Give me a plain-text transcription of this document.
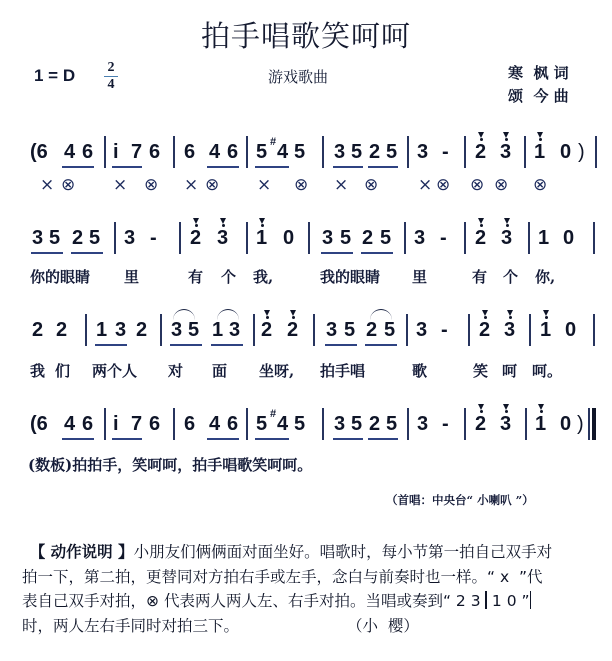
拍手唱歌笑呵呵
1 = D 2
4	游戏歌曲	寒  枫 词
颂  今 曲
(6 4 6 i 7 6 6 4 6 5 # 4 5 3 5 2 5 3 - 2 3 1 0 )
× ⊗ × ⊗ × ⊗ × ⊗ × ⊗ × ⊗ ⊗ ⊗ ⊗
3 5 2 5 3 - 2 3 1 0 3 5 2 5 3 - 2 3 1 0
你的眼睛 里	有 个 我,	我的眼睛 里	有 个 你,
2 2 1 3 2 3 5 1 3 2 2 3 5 2 5 3 - 2 3 1 0
我 们 两个人 对 面 坐呀, 拍手唱	歌	笑 呵 呵。
(6 4 6 i 7 6 6 4 6 5 # 4 5 3 5 2 5 3 - 2 3 1 0 )
(数板)拍拍手，笑呵呵，拍手唱歌笑呵呵。
（首唱：中央台“ 小喇叭 ”）
　【 动作说明 】小朋友们俩俩面对面坐好。唱歌时，每小节第一拍自己双手对
拍一下，第二拍，更替同对方拍右手或左手，念白与前奏时也一样。“ x  ”代
表自己双手对拍，⊗ 代表两人两人左、右手对拍。当唱或奏到“ 2 3  1 0 ”
时，两人左右手同时对拍三下。	（小  樱）
